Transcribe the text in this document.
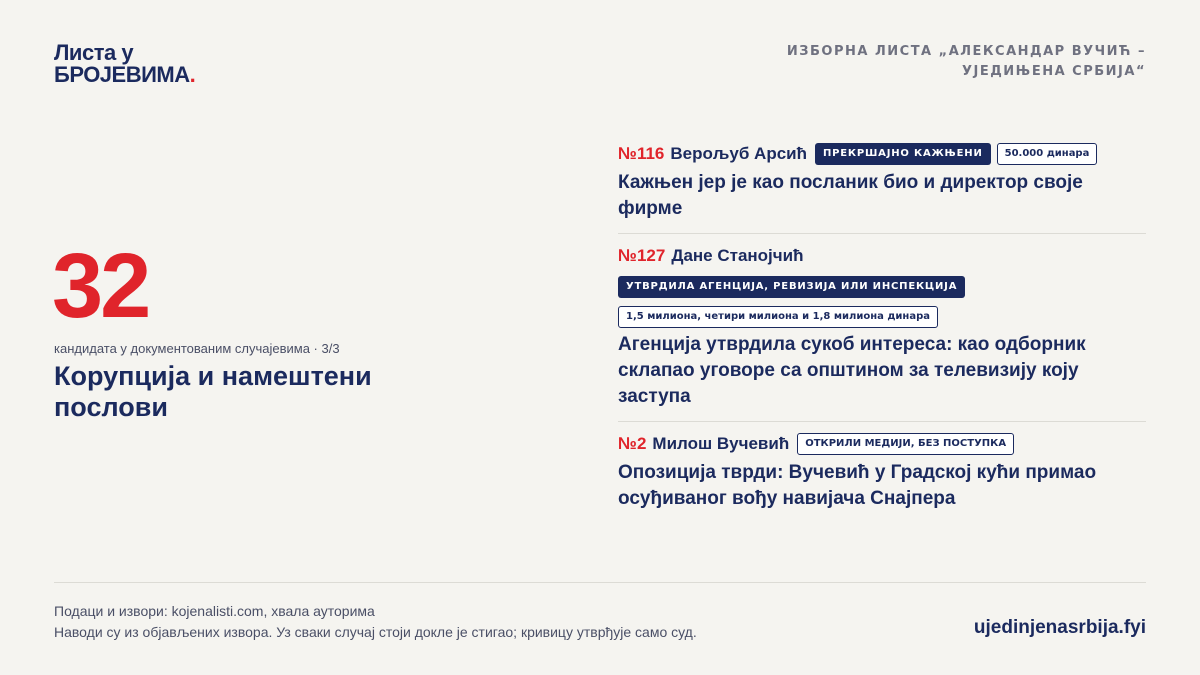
Листа у
БРОЈЕВИМА.
ИЗБОРНА ЛИСТА „АЛЕКСАНДАР ВУЧИЋ – УЈЕДИЊЕНА СРБИЈА“
32
кандидата у документованим случајевима · 3/3
Корупција и намештени послови
№116 Верољуб Арсић	ПРЕКРШАЈНО КАЖЊЕНИ	50.000 динара
Кажњен јер је као посланик био и директор своје фирме
№127 Дане Станојчић
УТВРДИЛА АГЕНЦИЈА, РЕВИЗИЈА ИЛИ ИНСПЕКЦИЈА
1,5 милиона, четири милиона и 1,8 милиона динара
Агенција утврдила сукоб интереса: као одборник склапао уговоре са општином за телевизију коју заступа
№2 Милош Вучевић	ОТКРИЛИ МЕДИЈИ, БЕЗ ПОСТУПКА
Опозиција тврди: Вучевић у Градској кући примао осуђиваног вођу навијача Снајпера
Подаци и извори: kojenalisti.com, хвала ауторима
Наводи су из објављених извора. Уз сваки случај стоји докле је стигао; кривицу утврђује само суд.	ujedinjenasrbija.fyi
